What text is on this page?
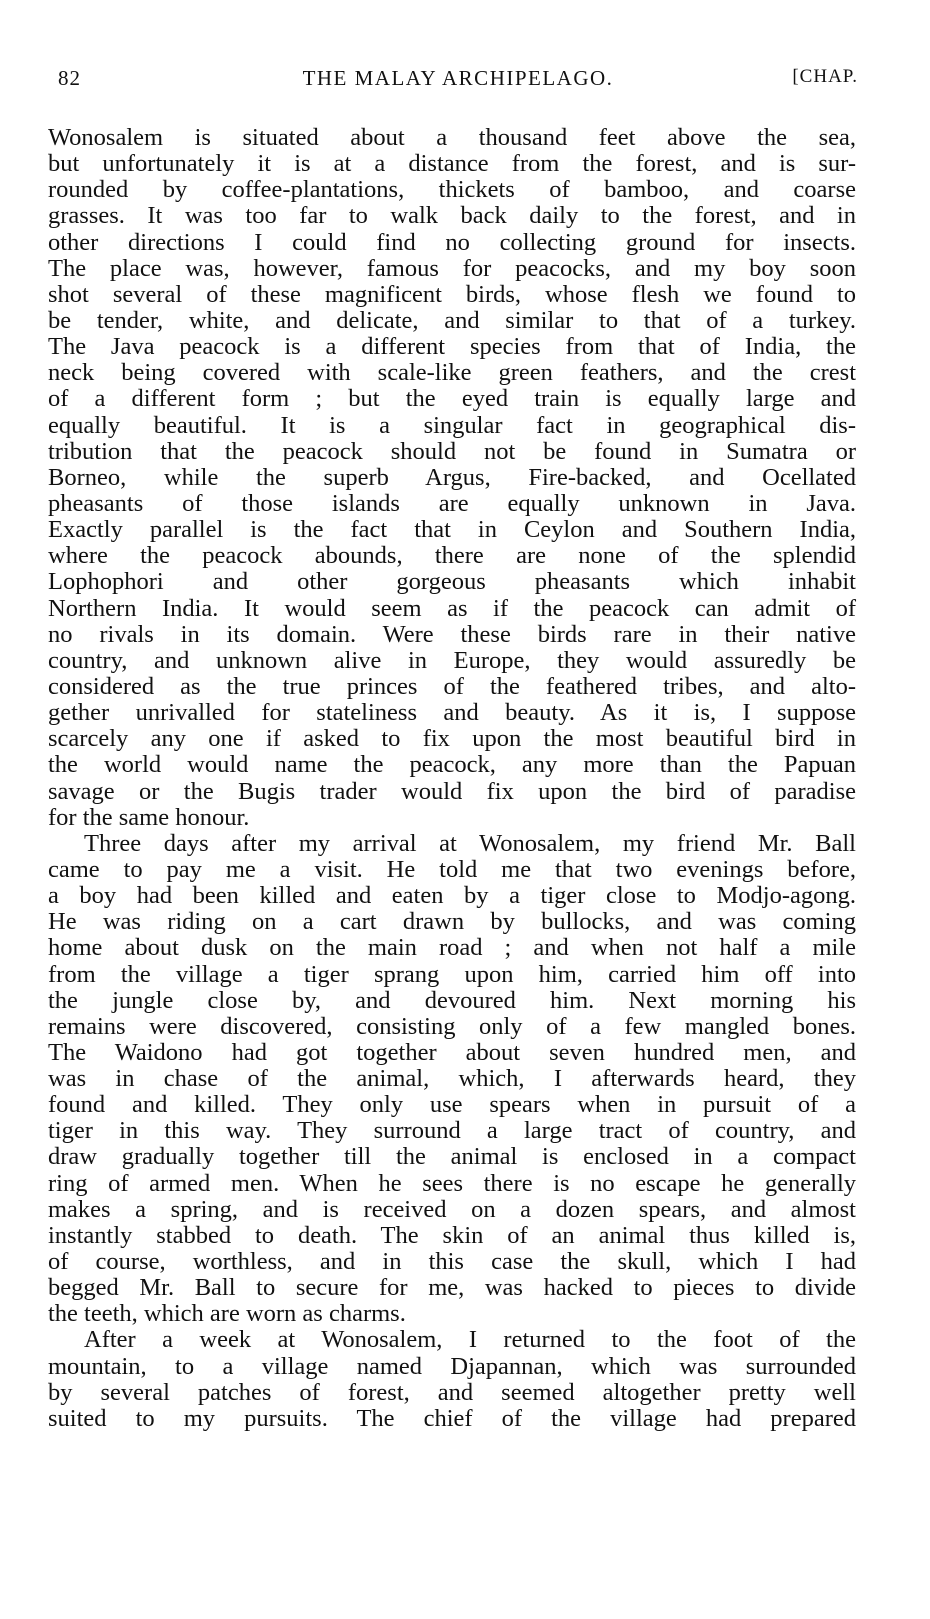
82	THE MALAY ARCHIPELAGO.	[CHAP.
Wonosalem is situated about a thousand feet above the sea,
but unfortunately it is at a distance from the forest, and is sur-
rounded by coffee-plantations, thickets of bamboo, and coarse
grasses. It was too far to walk back daily to the forest, and in
other directions I could find no collecting ground for insects.
The place was, however, famous for peacocks, and my boy soon
shot several of these magnificent birds, whose flesh we found to
be tender, white, and delicate, and similar to that of a turkey.
The Java peacock is a different species from that of India, the
neck being covered with scale-like green feathers, and the crest
of a different form ; but the eyed train is equally large and
equally beautiful. It is a singular fact in geographical dis-
tribution that the peacock should not be found in Sumatra or
Borneo, while the superb Argus, Fire-backed, and Ocellated
pheasants of those islands are equally unknown in Java.
Exactly parallel is the fact that in Ceylon and Southern India,
where the peacock abounds, there are none of the splendid
Lophophori and other gorgeous pheasants which inhabit
Northern India. It would seem as if the peacock can admit of
no rivals in its domain. Were these birds rare in their native
country, and unknown alive in Europe, they would assuredly be
considered as the true princes of the feathered tribes, and alto-
gether unrivalled for stateliness and beauty. As it is, I suppose
scarcely any one if asked to fix upon the most beautiful bird in
the world would name the peacock, any more than the Papuan
savage or the Bugis trader would fix upon the bird of paradise
for the same honour.
Three days after my arrival at Wonosalem, my friend Mr. Ball
came to pay me a visit. He told me that two evenings before,
a boy had been killed and eaten by a tiger close to Modjo-agong.
He was riding on a cart drawn by bullocks, and was coming
home about dusk on the main road ; and when not half a mile
from the village a tiger sprang upon him, carried him off into
the jungle close by, and devoured him. Next morning his
remains were discovered, consisting only of a few mangled bones.
The Waidono had got together about seven hundred men, and
was in chase of the animal, which, I afterwards heard, they
found and killed. They only use spears when in pursuit of a
tiger in this way. They surround a large tract of country, and
draw gradually together till the animal is enclosed in a compact
ring of armed men. When he sees there is no escape he generally
makes a spring, and is received on a dozen spears, and almost
instantly stabbed to death. The skin of an animal thus killed is,
of course, worthless, and in this case the skull, which I had
begged Mr. Ball to secure for me, was hacked to pieces to divide
the teeth, which are worn as charms.
After a week at Wonosalem, I returned to the foot of the
mountain, to a village named Djapannan, which was surrounded
by several patches of forest, and seemed altogether pretty well
suited to my pursuits. The chief of the village had prepared
